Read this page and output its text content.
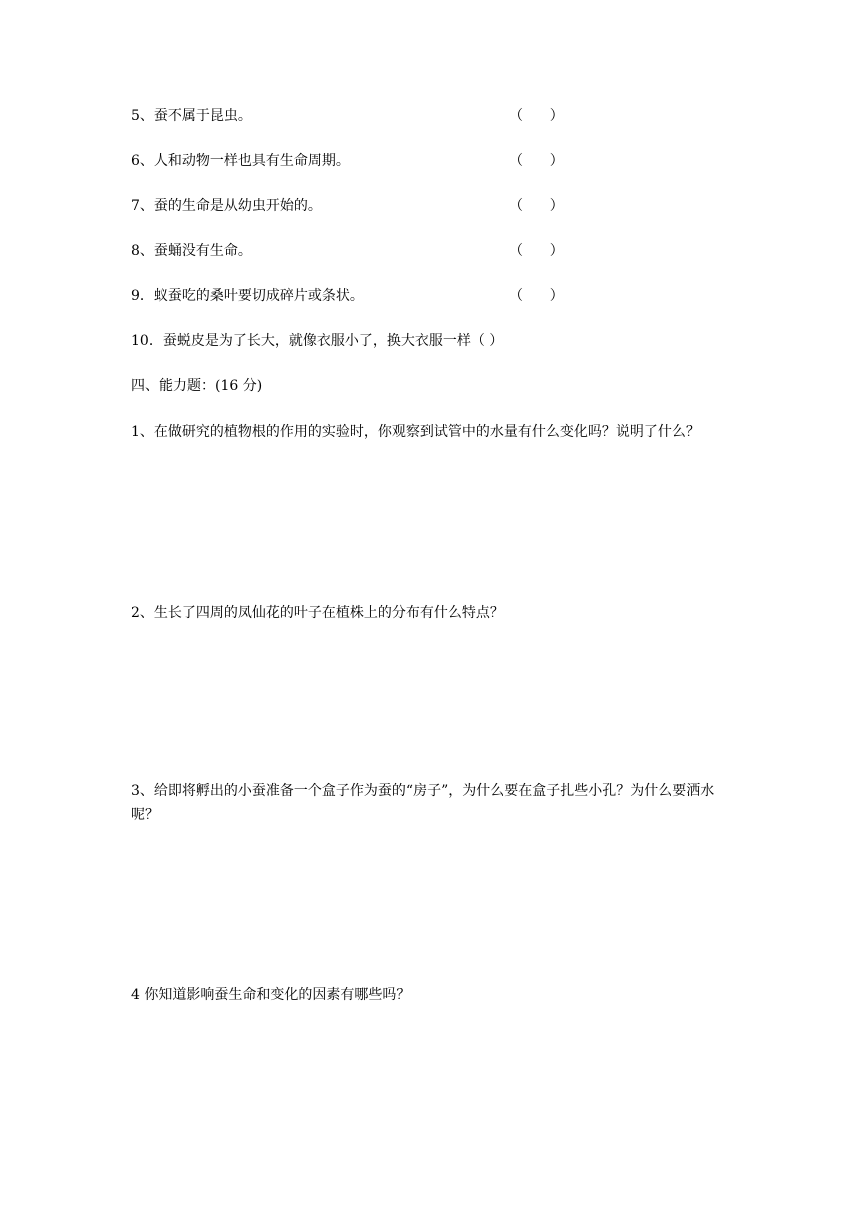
5、蚕不属于昆虫。	（      ）
6、人和动物一样也具有生命周期。	（      ）
7、蚕的生命是从幼虫开始的。	（      ）
8、蚕蛹没有生命。	（      ）
9．蚁蚕吃的桑叶要切成碎片或条状。	（      ）
10．蚕蜕皮是为了长大，就像衣服小了，换大衣服一样（ ）
四、能力题：(16 分)
1、在做研究的植物根的作用的实验时，你观察到试管中的水量有什么变化吗？说明了什么？
2、生长了四周的凤仙花的叶子在植株上的分布有什么特点？
3、给即将孵出的小蚕准备一个盒子作为蚕的“房子”，为什么要在盒子扎些小孔？为什么要洒水呢？
4 你知道影响蚕生命和变化的因素有哪些吗？
